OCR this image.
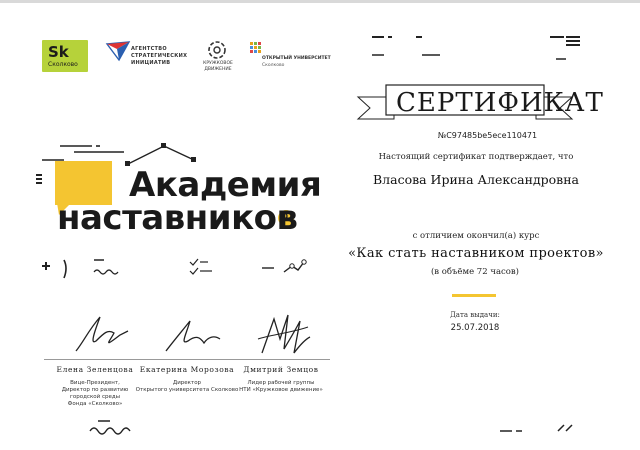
Sk
Сколково
АГЕНТСТВО
СТРАТЕГИЧЕСКИХ
ИНИЦИАТИВ	КРУЖКОВОЕ
ДВИЖЕНИЕ
ОТКРЫТЫЙ УНИВЕРСИТЕТ
Сколково
СЕРТИФИКАТ
№C97485be5ece110471
Настоящий сертификат подтверждает, что
Власова Ирина Александровна
с отличием окончил(а) курс
«Как стать наставником проектов»
(в объёме 72 часов)
Дата выдачи:
25.07.2018
Академия
наставников
Елена Зеленцова
Вице-Президент,
Директор по развитию
городской среды
Фонда «Сколково»
Екатерина Морозова
Директор
Открытого университета Сколково
Дмитрий Земцов
Лидер рабочей группы
НТИ «Кружковое движение»
